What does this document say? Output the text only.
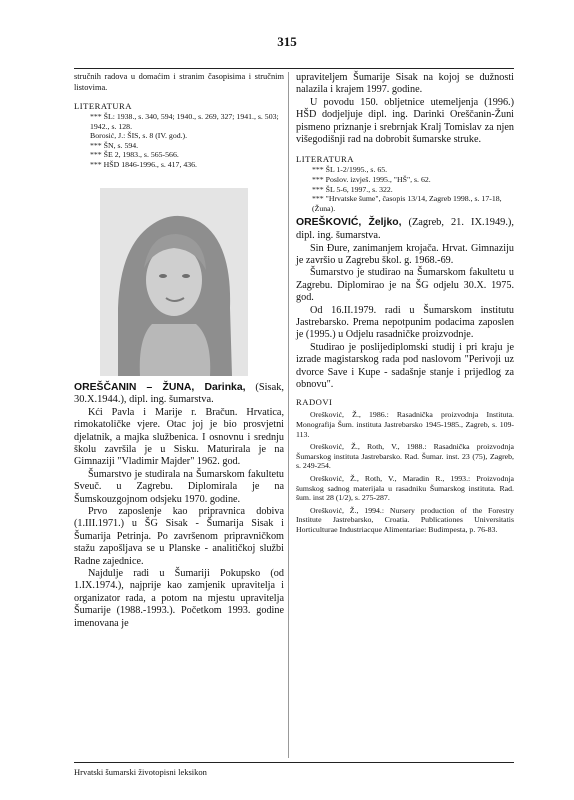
315

stručnih radova u domaćim i stranim časopisima i stručnim listovima.

LITERATURA

*** ŠL: 1938., s. 340, 594; 1940., s. 269, 327; 1941., s. 503; 1942., s. 128.

Borosić, J.: ŠIS, s. 8 (IV. god.).

*** ŠN, s. 594.

*** ŠE 2, 1983., s. 565-566.

*** HŠD 1846-1996., s. 417, 436.

OREŠČANIN – ŽUNA, Darinka, (Sisak, 30.X.1944.), dipl. ing. šumarstva.

Kći Pavla i Marije r. Bračun. Hrvatica, rimokatoličke vjere. Otac joj je bio prosvjetni djelatnik, a majka službenica. I osnovnu i srednju školu završila je u Sisku. Maturirala je na Gimnaziji "Vladimir Majder" 1962. god.

Šumarstvo je studirala na Šumarskom fakultetu Sveuč. u Zagrebu. Diplomirala je na Šumskouzgojnom odsjeku 1970. godine.

Prvo zaposlenje kao pripravnica dobiva (1.III.1971.) u ŠG Sisak - Šumarija Sisak i Šumarija Petrinja. Po završenom pripravničkom stažu zapošljava se u Planske - analitičkoj službi Radne zajednice.

Najdulje radi u Šumariji Pokupsko (od 1.IX.1974.), najprije kao zamjenik upravitelja i organizator rada, a potom na mjestu upravitelja Šumarije (1988.-1993.). Početkom 1993. godine imenovana je

upraviteljem Šumarije Sisak na kojoj se dužnosti nalazila i krajem 1997. godine.

U povodu 150. obljetnice utemeljenja (1996.) HŠD dodjeljuje dipl. ing. Darinki Oreščanin-Žuni pismeno priznanje i srebrnjak Kralj Tomislav za njen višegodišnji rad na dobrobit šumarske struke.

LITERATURA

*** ŠL 1-2/1995., s. 65.

*** Poslov. izvješ. 1995., "HŠ", s. 62.

*** ŠL 5-6, 1997., s. 322.

*** "Hrvatske šume", časopis 13/14, Zagreb 1998., s. 17-18, (Žuna).

OREŠKOVIĆ, Željko, (Zagreb, 21. IX.1949.), dipl. ing. šumarstva.

Sin Đure, zanimanjem krojača. Hrvat. Gimnaziju je završio u Zagrebu škol. g. 1968.-69.

Šumarstvo je studirao na Šumarskom fakultetu u Zagrebu. Diplomirao je na ŠG odjelu 30.X. 1975. god.

Od 16.II.1979. radi u Šumarskom institutu Jastrebarsko. Prema nepotpunim podacima zaposlen je (1995.) u Odjelu rasadničke proizvodnje.

Studirao je poslijediplomski studij i pri kraju je izrade magistarskog rada pod naslovom "Perivoji uz dvorce Save i Kupe - sadašnje stanje i prijedlog za obnovu".

RADOVI

Orešković, Ž., 1986.: Rasadnička proizvodnja Instituta. Monografija Šum. instituta Jastrebarsko 1945-1985., Zagreb, s. 109-113.

Orešković, Ž., Roth, V., 1988.: Rasadnička proizvodnja Šumarskog instituta Jastrebarsko. Rad. Šumar. inst. 23 (75), Zagreb, s. 249-254.

Orešković, Ž., Roth, V., Maradin R., 1993.: Proizvodnja šumskog sadnog materijala u rasadniku Šumarskog instituta. Rad. šum. inst 28 (1/2), s. 275-287.

Orešković, Ž., 1994.: Nursery production of the Forestry Institute Jastrebarsko, Croatia. Publicationes Universitatis Horticulturae Industriacque Alimentariae: Budimpesta, p. 76-83.

Hrvatski šumarski životopisni leksikon
